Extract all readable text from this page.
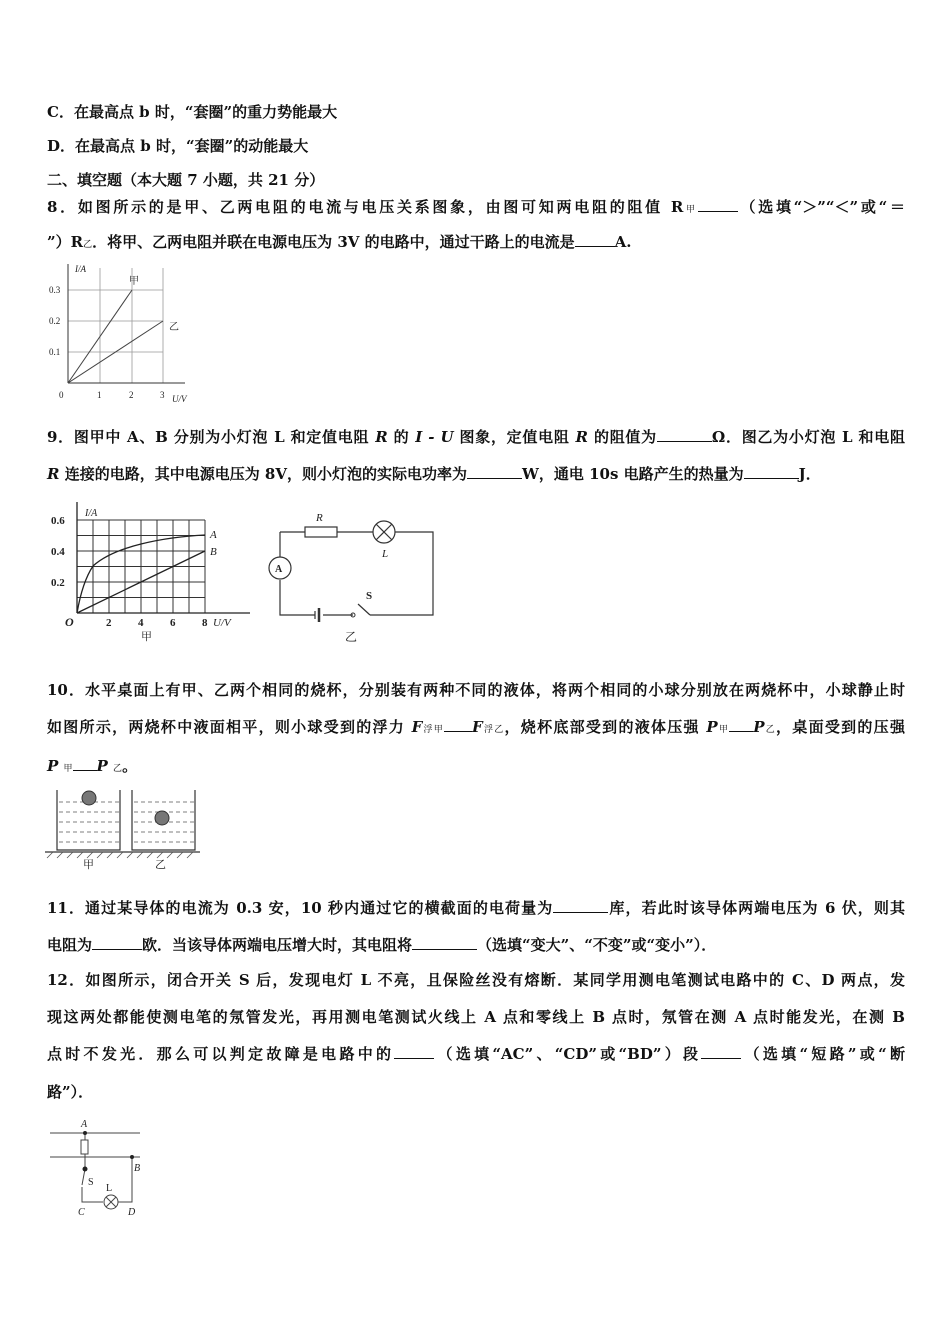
C．在最高点 b 时，“套圈”的重力势能最大
D．在最高点 b 时，“套圈”的动能最大
二、填空题（本大题 7 小题，共 21 分）
8．如图所示的是甲、乙两电阻的电流与电压关系图象，由图可知两电阻的阻值 R甲	（选填“＞”“＜”或“＝
”）R乙．将甲、乙两电阻并联在电源电压为 3V 的电路中，通过干路上的电流是	A.
I/A
U/V
0.3
0.2
0.1
0	1	2	3
甲
乙
9．图甲中 A、B 分别为小灯泡 L 和定值电阻 R 的 I - U 图象，定值电阻 R 的阻值为	Ω．图乙为小灯泡 L 和电阻
R 连接的电路，其中电源电压为 8V，则小灯泡的实际电功率为	W，通电 10s 电路产生的热量为	J．
I/A
U/V
0.6
0.4
0.2
O	2 4 6 8
A
B
甲
R
L
A
S
乙
10．水平桌面上有甲、乙两个相同的烧杯，分别装有两种不同的液体，将两个相同的小球分别放在两烧杯中，小球静止时
如图所示，两烧杯中液面相平，则小球受到的浮力 F浮甲 F浮乙，烧杯底部受到的液体压强 P甲 P乙，桌面受到的压强
P 甲 P 乙。
甲	乙
11．通过某导体的电流为 0.3 安，10 秒内通过它的横截面的电荷量为	库，若此时该导体两端电压为 6 伏，则其
电阻为	欧．当该导体两端电压增大时，其电阻将	（选填“变大”、“不变”或“变小”）．
12．如图所示，闭合开关 S 后，发现电灯 L 不亮，且保险丝没有熔断．某同学用测电笔测试电路中的 C、D 两点，发
现这两处都能使测电笔的氖管发光，再用测电笔测试火线上 A 点和零线上 B 点时，氖管在测 A 点时能发光，在测 B
点时不发光．那么可以判定故障是电路中的	（选填“AC”、“CD”或“BD”）段	（选填“短路”或“断
路”）．
A
B
S
L
C	D
